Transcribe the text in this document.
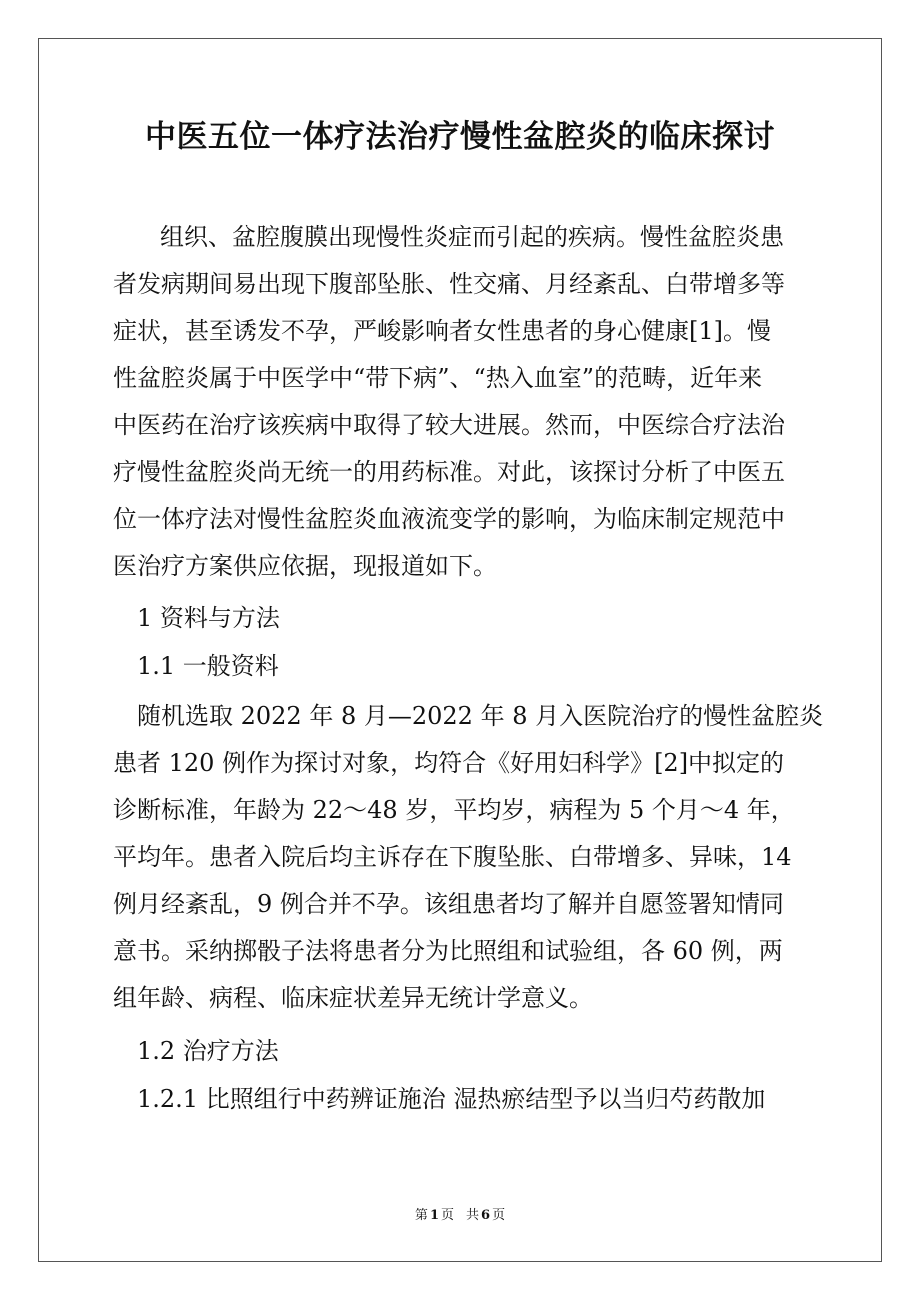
中医五位一体疗法治疗慢性盆腔炎的临床探讨
组织、盆腔腹膜出现慢性炎症而引起的疾病。慢性盆腔炎患
者发病期间易出现下腹部坠胀、性交痛、月经紊乱、白带增多等
症状，甚至诱发不孕，严峻影响者女性患者的身心健康[1]。慢
性盆腔炎属于中医学中“带下病”、“热入血室”的范畴，近年来
中医药在治疗该疾病中取得了较大进展。然而，中医综合疗法治
疗慢性盆腔炎尚无统一的用药标准。对此，该探讨分析了中医五
位一体疗法对慢性盆腔炎血液流变学的影响，为临床制定规范中
医治疗方案供应依据，现报道如下。
1 资料与方法
1.1 一般资料
随机选取 2022 年 8 月—2022 年 8 月入医院治疗的慢性盆腔炎
患者 120 例作为探讨对象，均符合《好用妇科学》[2]中拟定的
诊断标准，年龄为 22～48 岁，平均岁，病程为 5 个月～4 年，
平均年。患者入院后均主诉存在下腹坠胀、白带增多、异味，14
例月经紊乱，9 例合并不孕。该组患者均了解并自愿签署知情同
意书。采纳掷骰子法将患者分为比照组和试验组，各 60 例，两
组年龄、病程、临床症状差异无统计学意义。
1.2 治疗方法
1.2.1 比照组行中药辨证施治 湿热瘀结型予以当归芍药散加
第 1 页 共 6 页
